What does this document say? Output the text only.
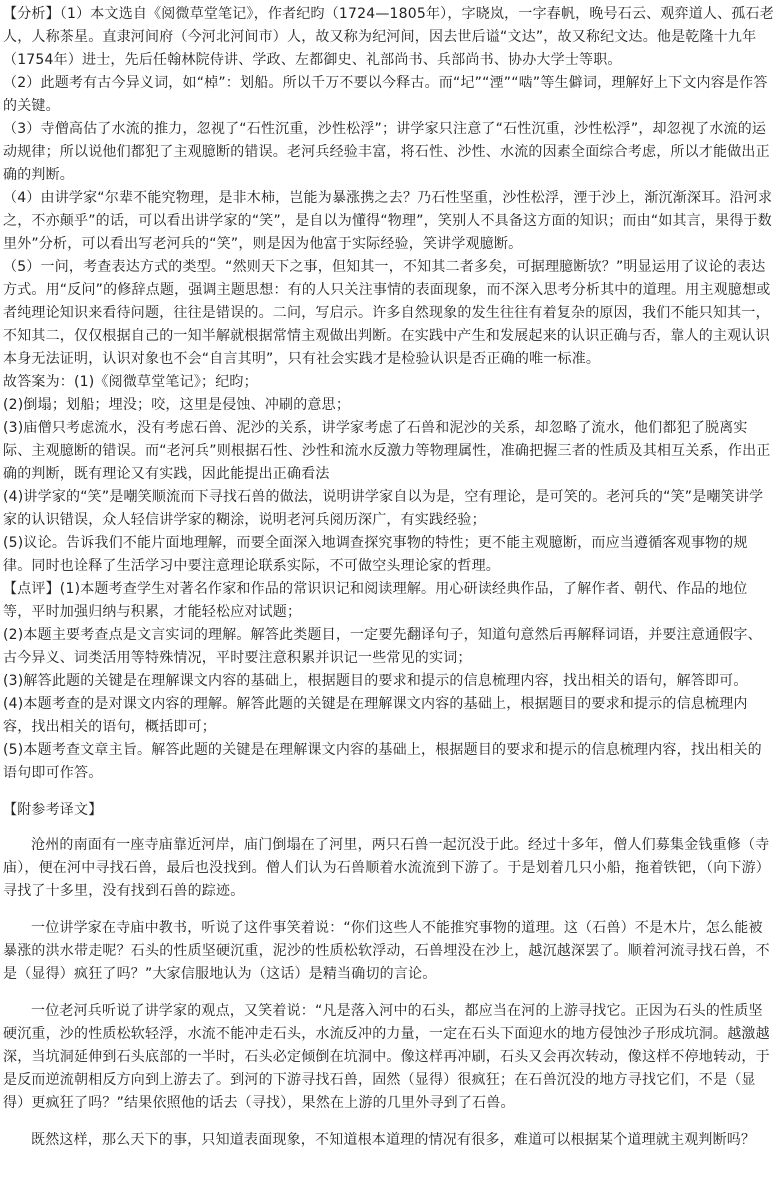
【分析】（1）本文选自《阅微草堂笔记》，作者纪昀（1724—1805年），字晓岚，一字春帆，晚号石云、观弈道人、孤石老人，人称茶星。直隶河间府（今河北河间市）人，故又称为纪河间，因去世后谥“文达”，故又称纪文达。他是乾隆十九年（1754年）进士，先后任翰林院侍讲、学政、左都御史、礼部尚书、兵部尚书、协办大学士等职。

（2）此题考有古今异义词，如“棹”：划船。所以千万不要以今释古。而“圮”“湮”“啮”等生僻词，理解好上下文内容是作答的关键。

（3）寺僧高估了水流的推力，忽视了“石性沉重，沙性松浮”；讲学家只注意了“石性沉重，沙性松浮”，却忽视了水流的运动规律；所以说他们都犯了主观臆断的错误。老河兵经验丰富，将石性、沙性、水流的因素全面综合考虑，所以才能做出正确的判断。

（4）由讲学家“尔辈不能究物理，是非木柿，岂能为暴涨携之去？乃石性坚重，沙性松浮，湮于沙上，渐沉渐深耳。沿河求之，不亦颠乎”的话，可以看出讲学家的“笑”，是自以为懂得“物理”，笑别人不具备这方面的知识；而由“如其言，果得于数里外”分析，可以看出写老河兵的“笑”，则是因为他富于实际经验，笑讲学观臆断。

（5）一问，考查表达方式的类型。“然则天下之事，但知其一，不知其二者多矣，可据理臆断欤？”明显运用了议论的表达方式。用“反问”的修辞点题，强调主题思想：有的人只关注事情的表面现象，而不深入思考分析其中的道理。用主观臆想或者纯理论知识来看待问题，往往是错误的。二问，写启示。许多自然现象的发生往往有着复杂的原因，我们不能只知其一，不知其二，仅仅根据自己的一知半解就根据常情主观做出判断。在实践中产生和发展起来的认识正确与否，靠人的主观认识本身无法证明，认识对象也不会“自言其明”，只有社会实践才是检验认识是否正确的唯一标准。

故答案为：(1)《阅微草堂笔记》；纪昀；

(2)倒塌；划船；埋没；咬，这里是侵蚀、冲刷的意思；

(3)庙僧只考虑流水，没有考虑石兽、泥沙的关系，讲学家考虑了石兽和泥沙的关系，却忽略了流水，他们都犯了脱离实际、主观臆断的错误。而“老河兵”则根据石性、沙性和流水反激力等物理属性，准确把握三者的性质及其相互关系，作出正确的判断，既有理论又有实践，因此能提出正确看法

(4)讲学家的“笑”是嘲笑顺流而下寻找石兽的做法，说明讲学家自以为是，空有理论，是可笑的。老河兵的“笑”是嘲笑讲学家的认识错误，众人轻信讲学家的糊涂，说明老河兵阅历深广，有实践经验；

(5)议论。告诉我们不能片面地理解，而要全面深入地调查探究事物的特性；更不能主观臆断，而应当遵循客观事物的规律。同时也诠释了生活学习中要注意理论联系实际，不可做空头理论家的哲理。

【点评】(1)本题考查学生对著名作家和作品的常识识记和阅读理解。用心研读经典作品，了解作者、朝代、作品的地位等，平时加强归纳与积累，才能轻松应对试题；

(2)本题主要考查点是文言实词的理解。解答此类题目，一定要先翻译句子，知道句意然后再解释词语，并要注意通假字、古今异义、词类活用等特殊情况，平时要注意积累并识记一些常见的实词；

(3)解答此题的关键是在理解课文内容的基础上，根据题目的要求和提示的信息梳理内容，找出相关的语句，解答即可。

(4)本题考查的是对课文内容的理解。解答此题的关键是在理解课文内容的基础上，根据题目的要求和提示的信息梳理内容，找出相关的语句，概括即可；

(5)本题考查文章主旨。解答此题的关键是在理解课文内容的基础上，根据题目的要求和提示的信息梳理内容，找出相关的语句即可作答。

【附参考译文】

沧州的南面有一座寺庙靠近河岸，庙门倒塌在了河里，两只石兽一起沉没于此。经过十多年，僧人们募集金钱重修（寺庙），便在河中寻找石兽，最后也没找到。僧人们认为石兽顺着水流流到下游了。于是划着几只小船，拖着铁钯，（向下游）寻找了十多里，没有找到石兽的踪迹。

一位讲学家在寺庙中教书，听说了这件事笑着说：“你们这些人不能推究事物的道理。这（石兽）不是木片，怎么能被暴涨的洪水带走呢？石头的性质坚硬沉重，泥沙的性质松软浮动，石兽埋没在沙上，越沉越深罢了。顺着河流寻找石兽，不是（显得）疯狂了吗？”大家信服地认为（这话）是精当确切的言论。

一位老河兵听说了讲学家的观点，又笑着说：“凡是落入河中的石头，都应当在河的上游寻找它。正因为石头的性质坚硬沉重，沙的性质松软轻浮，水流不能冲走石头，水流反冲的力量，一定在石头下面迎水的地方侵蚀沙子形成坑洞。越激越深，当坑洞延伸到石头底部的一半时，石头必定倾倒在坑洞中。像这样再冲刷，石头又会再次转动，像这样不停地转动，于是反而逆流朝相反方向到上游去了。到河的下游寻找石兽，固然（显得）很疯狂；在石兽沉没的地方寻找它们，不是（显得）更疯狂了吗？”结果依照他的话去（寻找），果然在上游的几里外寻到了石兽。

既然这样，那么天下的事，只知道表面现象，不知道根本道理的情况有很多，难道可以根据某个道理就主观判断吗？
